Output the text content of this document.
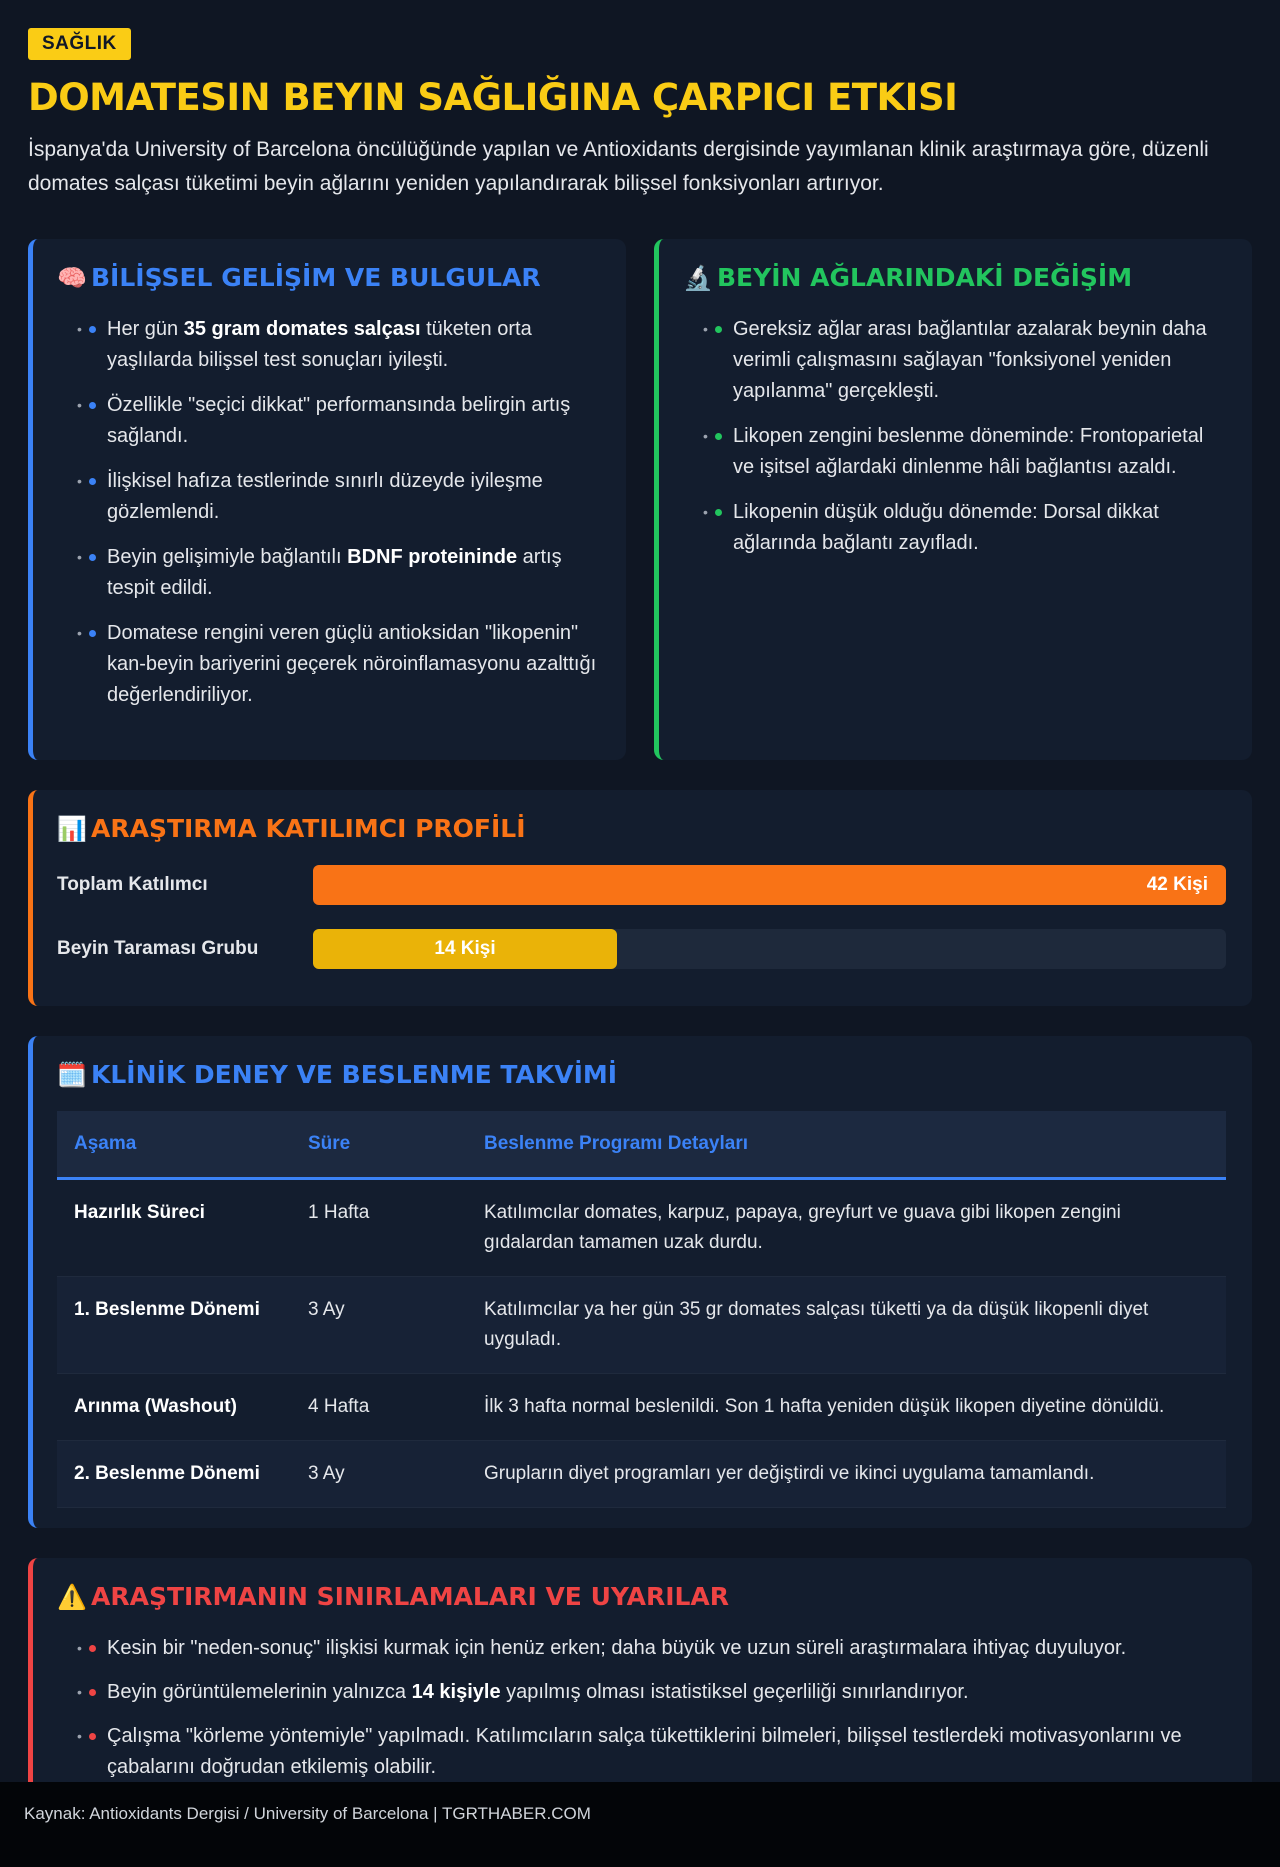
SAĞLIK
DOMATESIN BEYIN SAĞLIĞINA ÇARPICI ETKISI

İspanya'da University of Barcelona öncülüğünde yapılan ve Antioxidants dergisinde yayımlanan klinik araştırmaya göre, düzenli domates salçası tüketimi beyin ağlarını yeniden yapılandırarak bilişsel fonksiyonları artırıyor.

🧠 BİLİŞSEL GELİŞİM VE BULGULAR
• Her gün 35 gram domates salçası tüketen orta yaşlılarda bilişsel test sonuçları iyileşti.
• Özellikle "seçici dikkat" performansında belirgin artış sağlandı.
• İlişkisel hafıza testlerinde sınırlı düzeyde iyileşme gözlemlendi.
• Beyin gelişimiyle bağlantılı BDNF proteininde artış tespit edildi.
• Domatese rengini veren güçlü antioksidan "likopenin" kan-beyin bariyerini geçerek nöroinflamasyonu azalttığı değerlendiriliyor.
🔬 BEYİN AĞLARINDAKİ DEĞİŞİM
• Gereksiz ağlar arası bağlantılar azalarak beynin daha verimli çalışmasını sağlayan "fonksiyonel yeniden yapılanma" gerçekleşti.
• Likopen zengini beslenme döneminde: Frontoparietal ve işitsel ağlardaki dinlenme hâli bağlantısı azaldı.
• Likopenin düşük olduğu dönemde: Dorsal dikkat ağlarında bağlantı zayıfladı.
📊 ARAŞTIRMA KATILIMCI PROFİLİ
Toplam Katılımcı	42 Kişi
Beyin Taraması Grubu	14 Kişi
🗓️ KLİNİK DENEY VE BESLENME TAKVİMİ
Aşama	Süre	Beslenme Programı Detayları
Hazırlık Süreci	1 Hafta	Katılımcılar domates, karpuz, papaya, greyfurt ve guava gibi likopen zengini gıdalardan tamamen uzak durdu.
1. Beslenme Dönemi	3 Ay	Katılımcılar ya her gün 35 gr domates salçası tüketti ya da düşük likopenli diyet uyguladı.
Arınma (Washout)	4 Hafta	İlk 3 hafta normal beslenildi. Son 1 hafta yeniden düşük likopen diyetine dönüldü.
2. Beslenme Dönemi	3 Ay	Grupların diyet programları yer değiştirdi ve ikinci uygulama tamamlandı.
⚠️ ARAŞTIRMANIN SINIRLAMALARI VE UYARILAR
• Kesin bir "neden-sonuç" ilişkisi kurmak için henüz erken; daha büyük ve uzun süreli araştırmalara ihtiyaç duyuluyor.
• Beyin görüntülemelerinin yalnızca 14 kişiyle yapılmış olması istatistiksel geçerliliği sınırlandırıyor.
• Çalışma "körleme yöntemiyle" yapılmadı. Katılımcıların salça tükettiklerini bilmeleri, bilişsel testlerdeki motivasyonlarını ve çabalarını doğrudan etkilemiş olabilir.
Kaynak: Antioxidants Dergisi / University of Barcelona | TGRTHABER.COM
